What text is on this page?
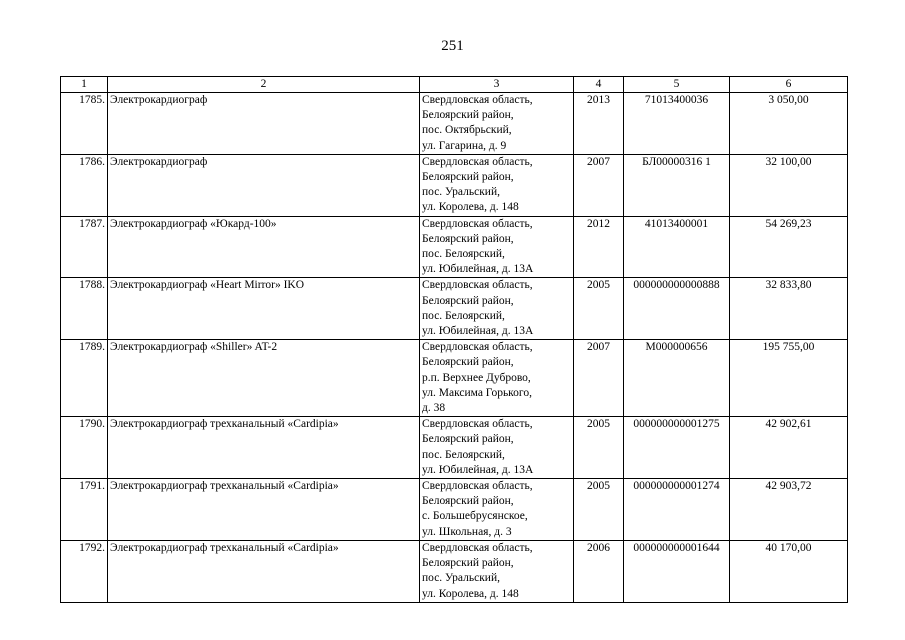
251
1	2	3	4	5	6
1785.	Электрокардиограф	Свердловская область,
Белоярский район,
пос. Октябрьский,
ул. Гагарина, д. 9	2013	71013400036	3 050,00
1786.	Электрокардиограф	Свердловская область,
Белоярский район,
пос. Уральский,
ул. Королева, д. 148	2007	БЛ00000316 1	32 100,00
1787.	Электрокардиограф «Юкард-100»	Свердловская область,
Белоярский район,
пос. Белоярский,
ул. Юбилейная, д. 13А	2012	41013400001	54 269,23
1788.	Электрокардиограф «Heart Mirror» IKO	Свердловская область,
Белоярский район,
пос. Белоярский,
ул. Юбилейная, д. 13А	2005	000000000000888	32 833,80
1789.	Электрокардиограф «Shiller» AT-2	Свердловская область,
Белоярский район,
р.п. Верхнее Дуброво,
ул. Максима Горького,
д. 38	2007	М000000656	195 755,00
1790.	Электрокардиограф трехканальный «Cardipia»	Свердловская область,
Белоярский район,
пос. Белоярский,
ул. Юбилейная, д. 13А	2005	000000000001275	42 902,61
1791.	Электрокардиограф трехканальный «Cardipia»	Свердловская область,
Белоярский район,
с. Большебрусянское,
ул. Школьная, д. 3	2005	000000000001274	42 903,72
1792.	Электрокардиограф трехканальный «Cardipia»	Свердловская область,
Белоярский район,
пос. Уральский,
ул. Королева, д. 148	2006	000000000001644	40 170,00
